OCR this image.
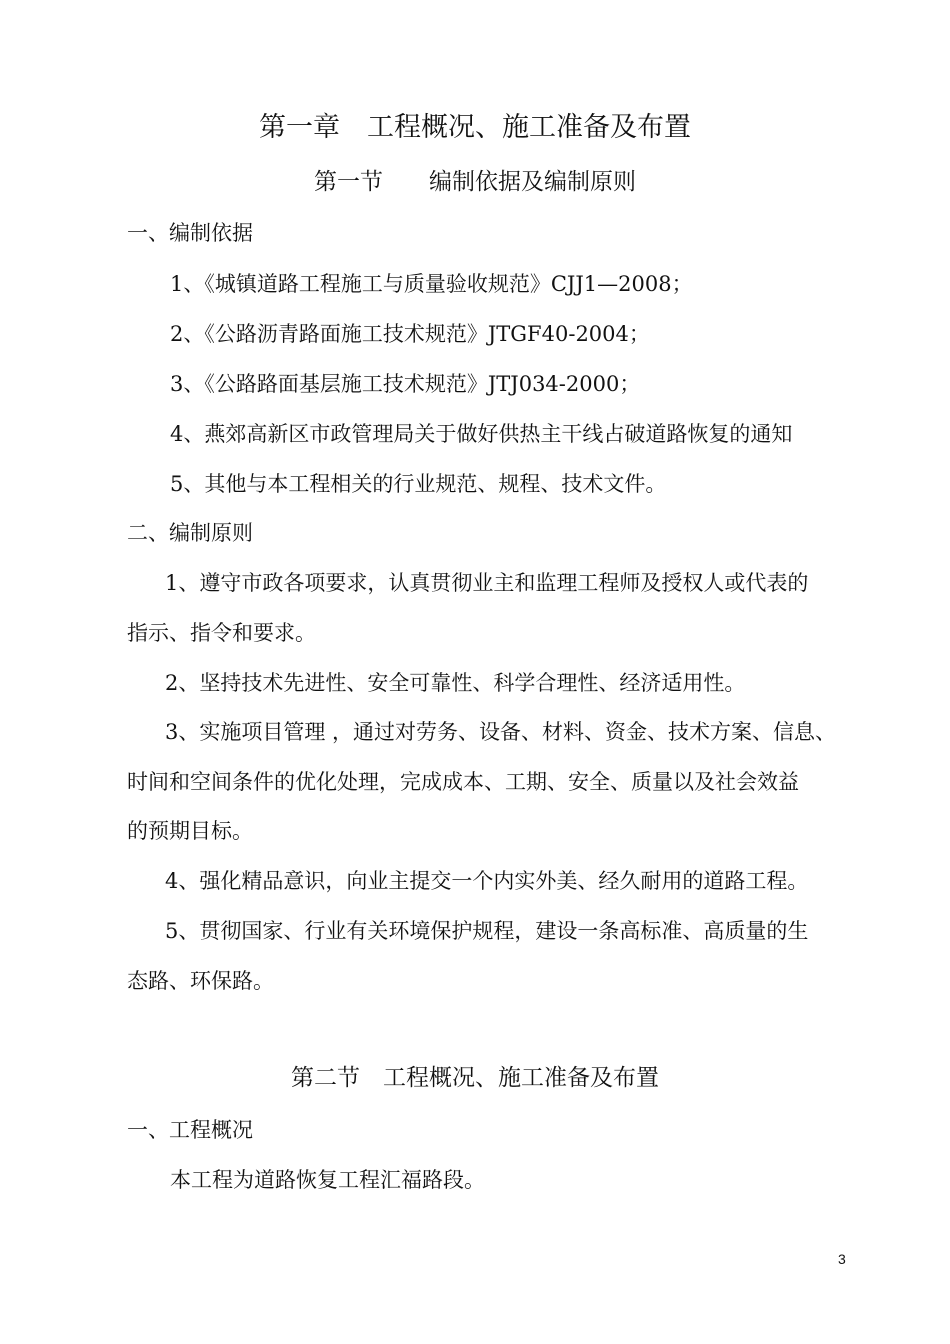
第一章　工程概况、施工准备及布置
第一节　　编制依据及编制原则
一、编制依据
1、《城镇道路工程施工与质量验收规范》CJJ1—2008；
2、《公路沥青路面施工技术规范》JTGF40-2004；
3、《公路路面基层施工技术规范》JTJ034-2000；
4、燕郊高新区市政管理局关于做好供热主干线占破道路恢复的通知
5、其他与本工程相关的行业规范、规程、技术文件。
二、编制原则
1、遵守市政各项要求，认真贯彻业主和监理工程师及授权人或代表的
指示、指令和要求。
2、坚持技术先进性、安全可靠性、科学合理性、经济适用性。
3、实施项目管理 ，通过对劳务、设备、材料、资金、技术方案、信息、
时间和空间条件的优化处理，完成成本、工期、安全、质量以及社会效益
的预期目标。
4、强化精品意识，向业主提交一个内实外美、经久耐用的道路工程。
5、贯彻国家、行业有关环境保护规程，建设一条高标准、高质量的生
态路、环保路。
第二节　工程概况、施工准备及布置
一、工程概况
本工程为道路恢复工程汇福路段。
3
